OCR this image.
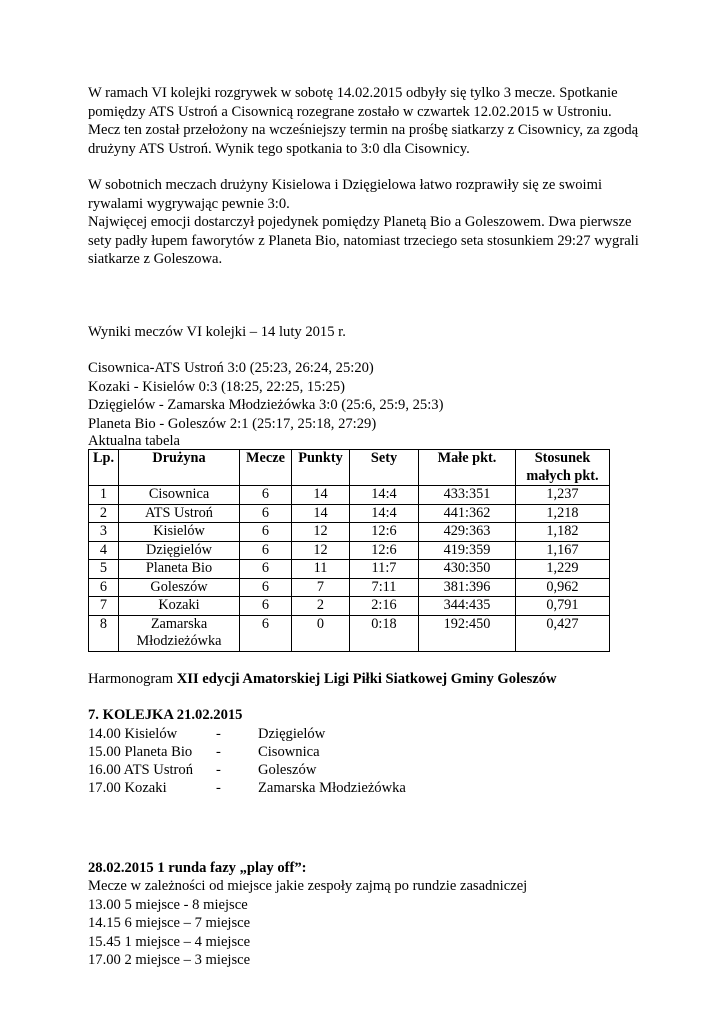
W ramach VI kolejki rozgrywek w sobotę 14.02.2015 odbyły się tylko 3 mecze. Spotkanie
pomiędzy ATS Ustroń a Cisownicą rozegrane zostało w czwartek 12.02.2015 w Ustroniu.
Mecz ten został przełożony na wcześniejszy termin na prośbę siatkarzy z Cisownicy, za zgodą
drużyny ATS Ustroń. Wynik tego spotkania to 3:0 dla Cisownicy.
W sobotnich meczach drużyny Kisielowa i Dzięgielowa łatwo rozprawiły się ze swoimi
rywalami wygrywając pewnie 3:0.
Najwięcej emocji dostarczył pojedynek pomiędzy Planetą Bio a Goleszowem. Dwa pierwsze
sety padły łupem faworytów z Planeta Bio, natomiast trzeciego seta stosunkiem 29:27 wygrali
siatkarze z Goleszowa.
Wyniki meczów VI kolejki – 14 luty 2015 r.
Cisownica-ATS Ustroń 3:0 (25:23, 26:24, 25:20)
Kozaki - Kisielów 0:3 (18:25, 22:25, 15:25)
Dzięgielów - Zamarska Młodzieżówka 3:0 (25:6, 25:9, 25:3)
Planeta Bio - Goleszów 2:1 (25:17, 25:18, 27:29)
Aktualna tabela
Lp.	Drużyna	Mecze	Punkty	Sety	Małe pkt.	Stosunek
małych pkt.

1	Cisownica	6	14	14:4	433:351	1,237
2	ATS Ustroń	6	14	14:4	441:362	1,218
3	Kisielów	6	12	12:6	429:363	1,182
4	Dzięgielów	6	12	12:6	419:359	1,167
5	Planeta Bio	6	11	11:7	430:350	1,229
6	Goleszów	6	7	7:11	381:396	0,962
7	Kozaki	6	2	2:16	344:435	0,791
8	Zamarska
Młodzieżówka	6	0	0:18	192:450	0,427
Harmonogram XII edycji Amatorskiej Ligi Piłki Siatkowej Gminy Goleszów
7. KOLEJKA 21.02.2015
14.00 Kisielów	-	Dzięgielów
15.00 Planeta Bio	-	Cisownica
16.00 ATS Ustroń	-	Goleszów
17.00 Kozaki	-	Zamarska Młodzieżówka
28.02.2015 1 runda fazy „play off”:
Mecze w zależności od miejsce jakie zespoły zajmą po rundzie zasadniczej
13.00 5 miejsce - 8 miejsce
14.15 6 miejsce – 7 miejsce
15.45 1 miejsce – 4 miejsce
17.00 2 miejsce – 3 miejsce
